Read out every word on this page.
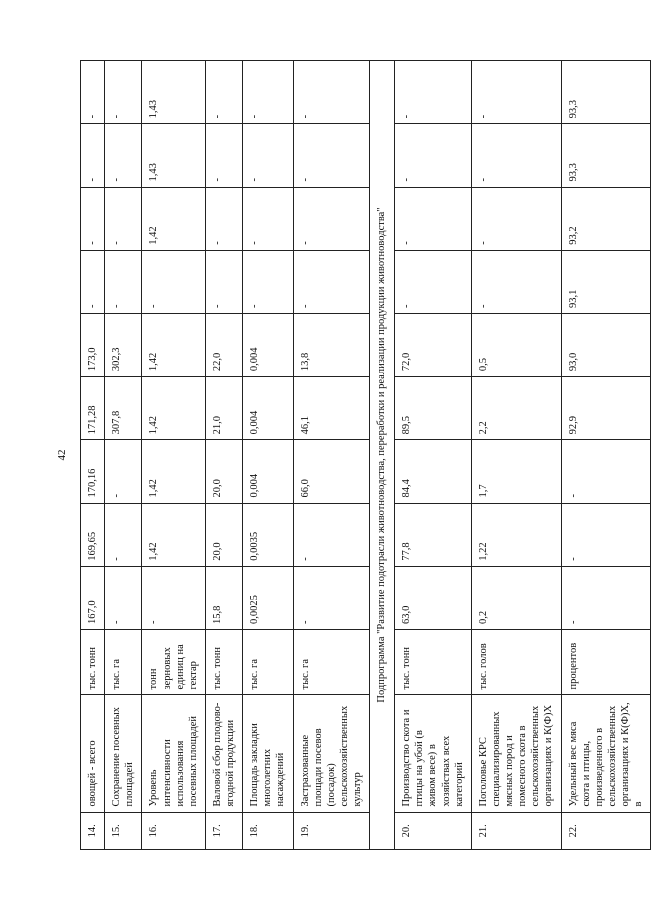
42
14.	овощей - всего	тыс. тонн	167,0	169,65	170,16	171,28	173,0	-	-	-	-
15.	Сохранение посевных площадей	тыс. га	-	-	-	307,8	302,3	-	-	-	-
16.	Уровень интенсивности использования посевных площадей	тонн зерновых единиц на гектар	-	1,42	1,42	1,42	1,42	-	1,42	1,43	1,43
17.	Валовой сбор плодово-ягодной продукции	тыс. тонн	15,8	20,0	20,0	21,0	22,0	-	-	-	-
18.	Площадь закладки многолетних насаждений	тыс. га	0,0025	0,0035	0,004	0,004	0,004	-	-	-	-
19.	Застрахованные площади посевов (посадок) сельскохозяйственных культур	тыс. га	-	-	66,0	46,1	13,8	-	-	-	-
Подпрограмма "Развитие подотрасли животноводства, переработки и реализации продукции животноводства"											
20.	Производство скота и птицы на убой (в живом весе) в хозяйствах всех категорий	тыс. тонн	63,0	77,8	84,4	89,5	72,0	-	-	-	-
21.	Поголовье КРС специализированных мясных пород и помесного скота в сельскохозяйственных организациях и К(Ф)Х	тыс. голов	0,2	1,22	1,7	2,2	0,5	-	-	-	-
22.	Удельный вес мяса скота и птицы, произведенного в сельскохозяйственных организациях и К(Ф)Х, в	процентов	-	-	-	92,9	93,0	93,1	93,2	93,3	93,3
